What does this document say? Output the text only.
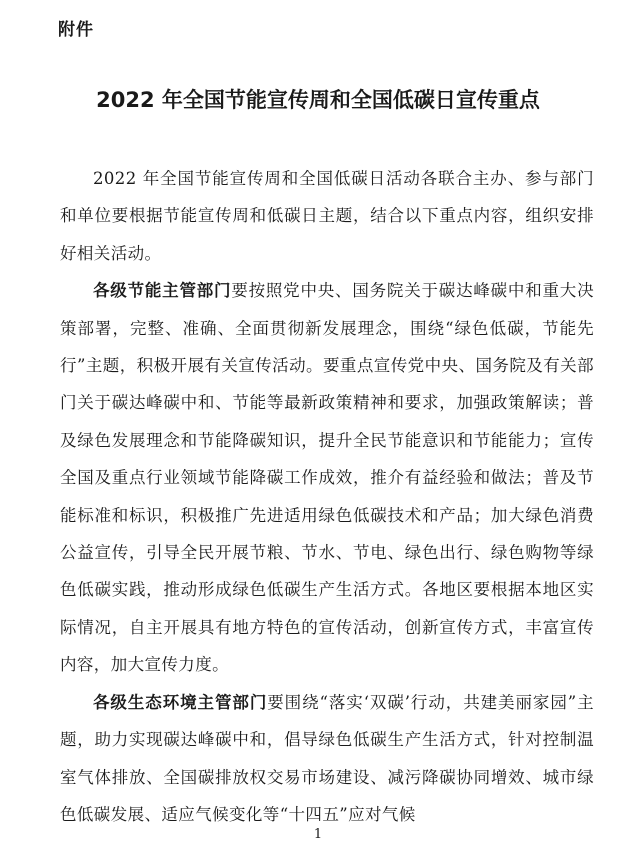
附件
2022 年全国节能宣传周和全国低碳日宣传重点

2022 年全国节能宣传周和全国低碳日活动各联合主办、参与部门和单位要根据节能宣传周和低碳日主题，结合以下重点内容，组织安排好相关活动。

各级节能主管部门要按照党中央、国务院关于碳达峰碳中和重大决策部署，完整、准确、全面贯彻新发展理念，围绕“绿色低碳，节能先行”主题，积极开展有关宣传活动。要重点宣传党中央、国务院及有关部门关于碳达峰碳中和、节能等最新政策精神和要求，加强政策解读；普及绿色发展理念和节能降碳知识，提升全民节能意识和节能能力；宣传全国及重点行业领域节能降碳工作成效，推介有益经验和做法；普及节能标准和标识，积极推广先进适用绿色低碳技术和产品；加大绿色消费公益宣传，引导全民开展节粮、节水、节电、绿色出行、绿色购物等绿色低碳实践，推动形成绿色低碳生产生活方式。各地区要根据本地区实际情况，自主开展具有地方特色的宣传活动，创新宣传方式，丰富宣传内容，加大宣传力度。

各级生态环境主管部门要围绕“落实‘双碳’行动，共建美丽家园”主题，助力实现碳达峰碳中和，倡导绿色低碳生产生活方式，针对控制温室气体排放、全国碳排放权交易市场建设、减污降碳协同增效、城市绿色低碳发展、适应气候变化等“十四五”应对气候

1
